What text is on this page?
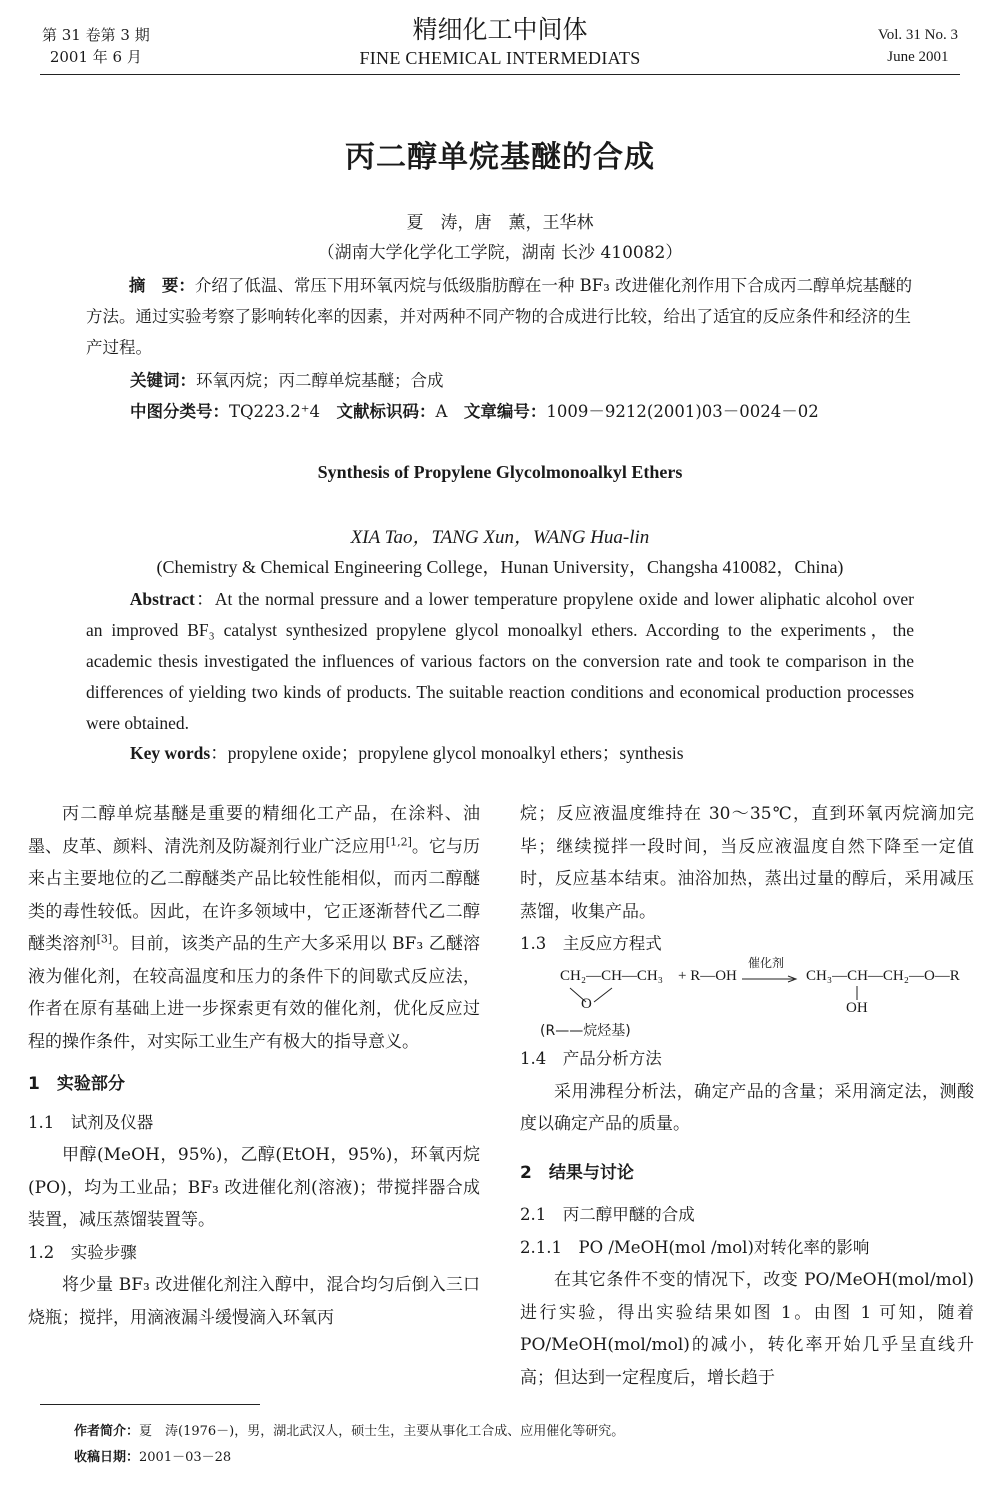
第 31 卷第 3 期
2001 年 6 月
精细化工中间体
FINE CHEMICAL INTERMEDIATS
Vol. 31 No. 3
June 2001
丙二醇单烷基醚的合成
夏　涛，唐　薰，王华林
（湖南大学化学化工学院，湖南 长沙 410082）
摘　要：介绍了低温、常压下用环氧丙烷与低级脂肪醇在一种 BF₃ 改进催化剂作用下合成丙二醇单烷基醚的方法。通过实验考察了影响转化率的因素，并对两种不同产物的合成进行比较，给出了适宜的反应条件和经济的生产过程。
关键词：环氧丙烷；丙二醇单烷基醚；合成
中图分类号：TQ223.2⁺4　 文献标识码：A　 文章编号：1009－9212(2001)03－0024－02
Synthesis of Propylene Glycolmonoalkyl Ethers
XIA Tao，TANG Xun，WANG Hua-lin
(Chemistry & Chemical Engineering College，Hunan University，Changsha 410082，China)
Abstract：At the normal pressure and a lower temperature propylene oxide and lower aliphatic alcohol over an improved BF₃ catalyst synthesized propylene glycol monoalkyl ethers. According to the experiments，the academic thesis investigated the influences of various factors on the conversion rate and took te comparison in the differences of yielding two kinds of products. The suitable reaction conditions and economical production processes were obtained.
Key words：propylene oxide；propylene glycol monoalkyl ethers；synthesis

丙二醇单烷基醚是重要的精细化工产品，在涂料、油墨、皮革、颜料、清洗剂及防凝剂行业广泛应用[1,2]。它与历来占主要地位的乙二醇醚类产品比较性能相似，而丙二醇醚类的毒性较低。因此，在许多领域中，它正逐渐替代乙二醇醚类溶剂[3]。目前，该类产品的生产大多采用以 BF₃ 乙醚溶液为催化剂，在较高温度和压力的条件下的间歇式反应法，作者在原有基础上进一步探索更有效的催化剂，优化反应过程的操作条件，对实际工业生产有极大的指导意义。

1　实验部分

1.1　试剂及仪器

甲醇(MeOH，95%)，乙醇(EtOH，95%)，环氧丙烷(PO)，均为工业品；BF₃ 改进催化剂(溶液)；带搅拌器合成装置，减压蒸馏装置等。

1.2　实验步骤

将少量 BF₃ 改进催化剂注入醇中，混合均匀后倒入三口烧瓶；搅拌，用滴液漏斗缓慢滴入环氧丙

烷；反应液温度维持在 30～35℃，直到环氧丙烷滴加完毕；继续搅拌一段时间，当反应液温度自然下降至一定值时，反应基本结束。油浴加热，蒸出过量的醇后，采用减压蒸馏，收集产品。

1.3　主反应方程式

CH₂—CH—CH₃
O
+ R—OH
催化剂
→ CH₃—CH—CH₂—O—R
OH
(R——烷烃基)

1.4　产品分析方法

采用沸程分析法，确定产品的含量；采用滴定法，测酸度以确定产品的质量。

2　结果与讨论

2.1　丙二醇甲醚的合成

2.1.1　PO /MeOH(mol /mol)对转化率的影响

在其它条件不变的情况下，改变 PO/MeOH(mol/mol)进行实验，得出实验结果如图 1。由图 1 可知，随着 PO/MeOH(mol/mol)的减小，转化率开始几乎呈直线升高；但达到一定程度后，增长趋于

作者简介：夏　涛(1976－)，男，湖北武汉人，硕士生，主要从事化工合成、应用催化等研究。
收稿日期：2001－03－28
